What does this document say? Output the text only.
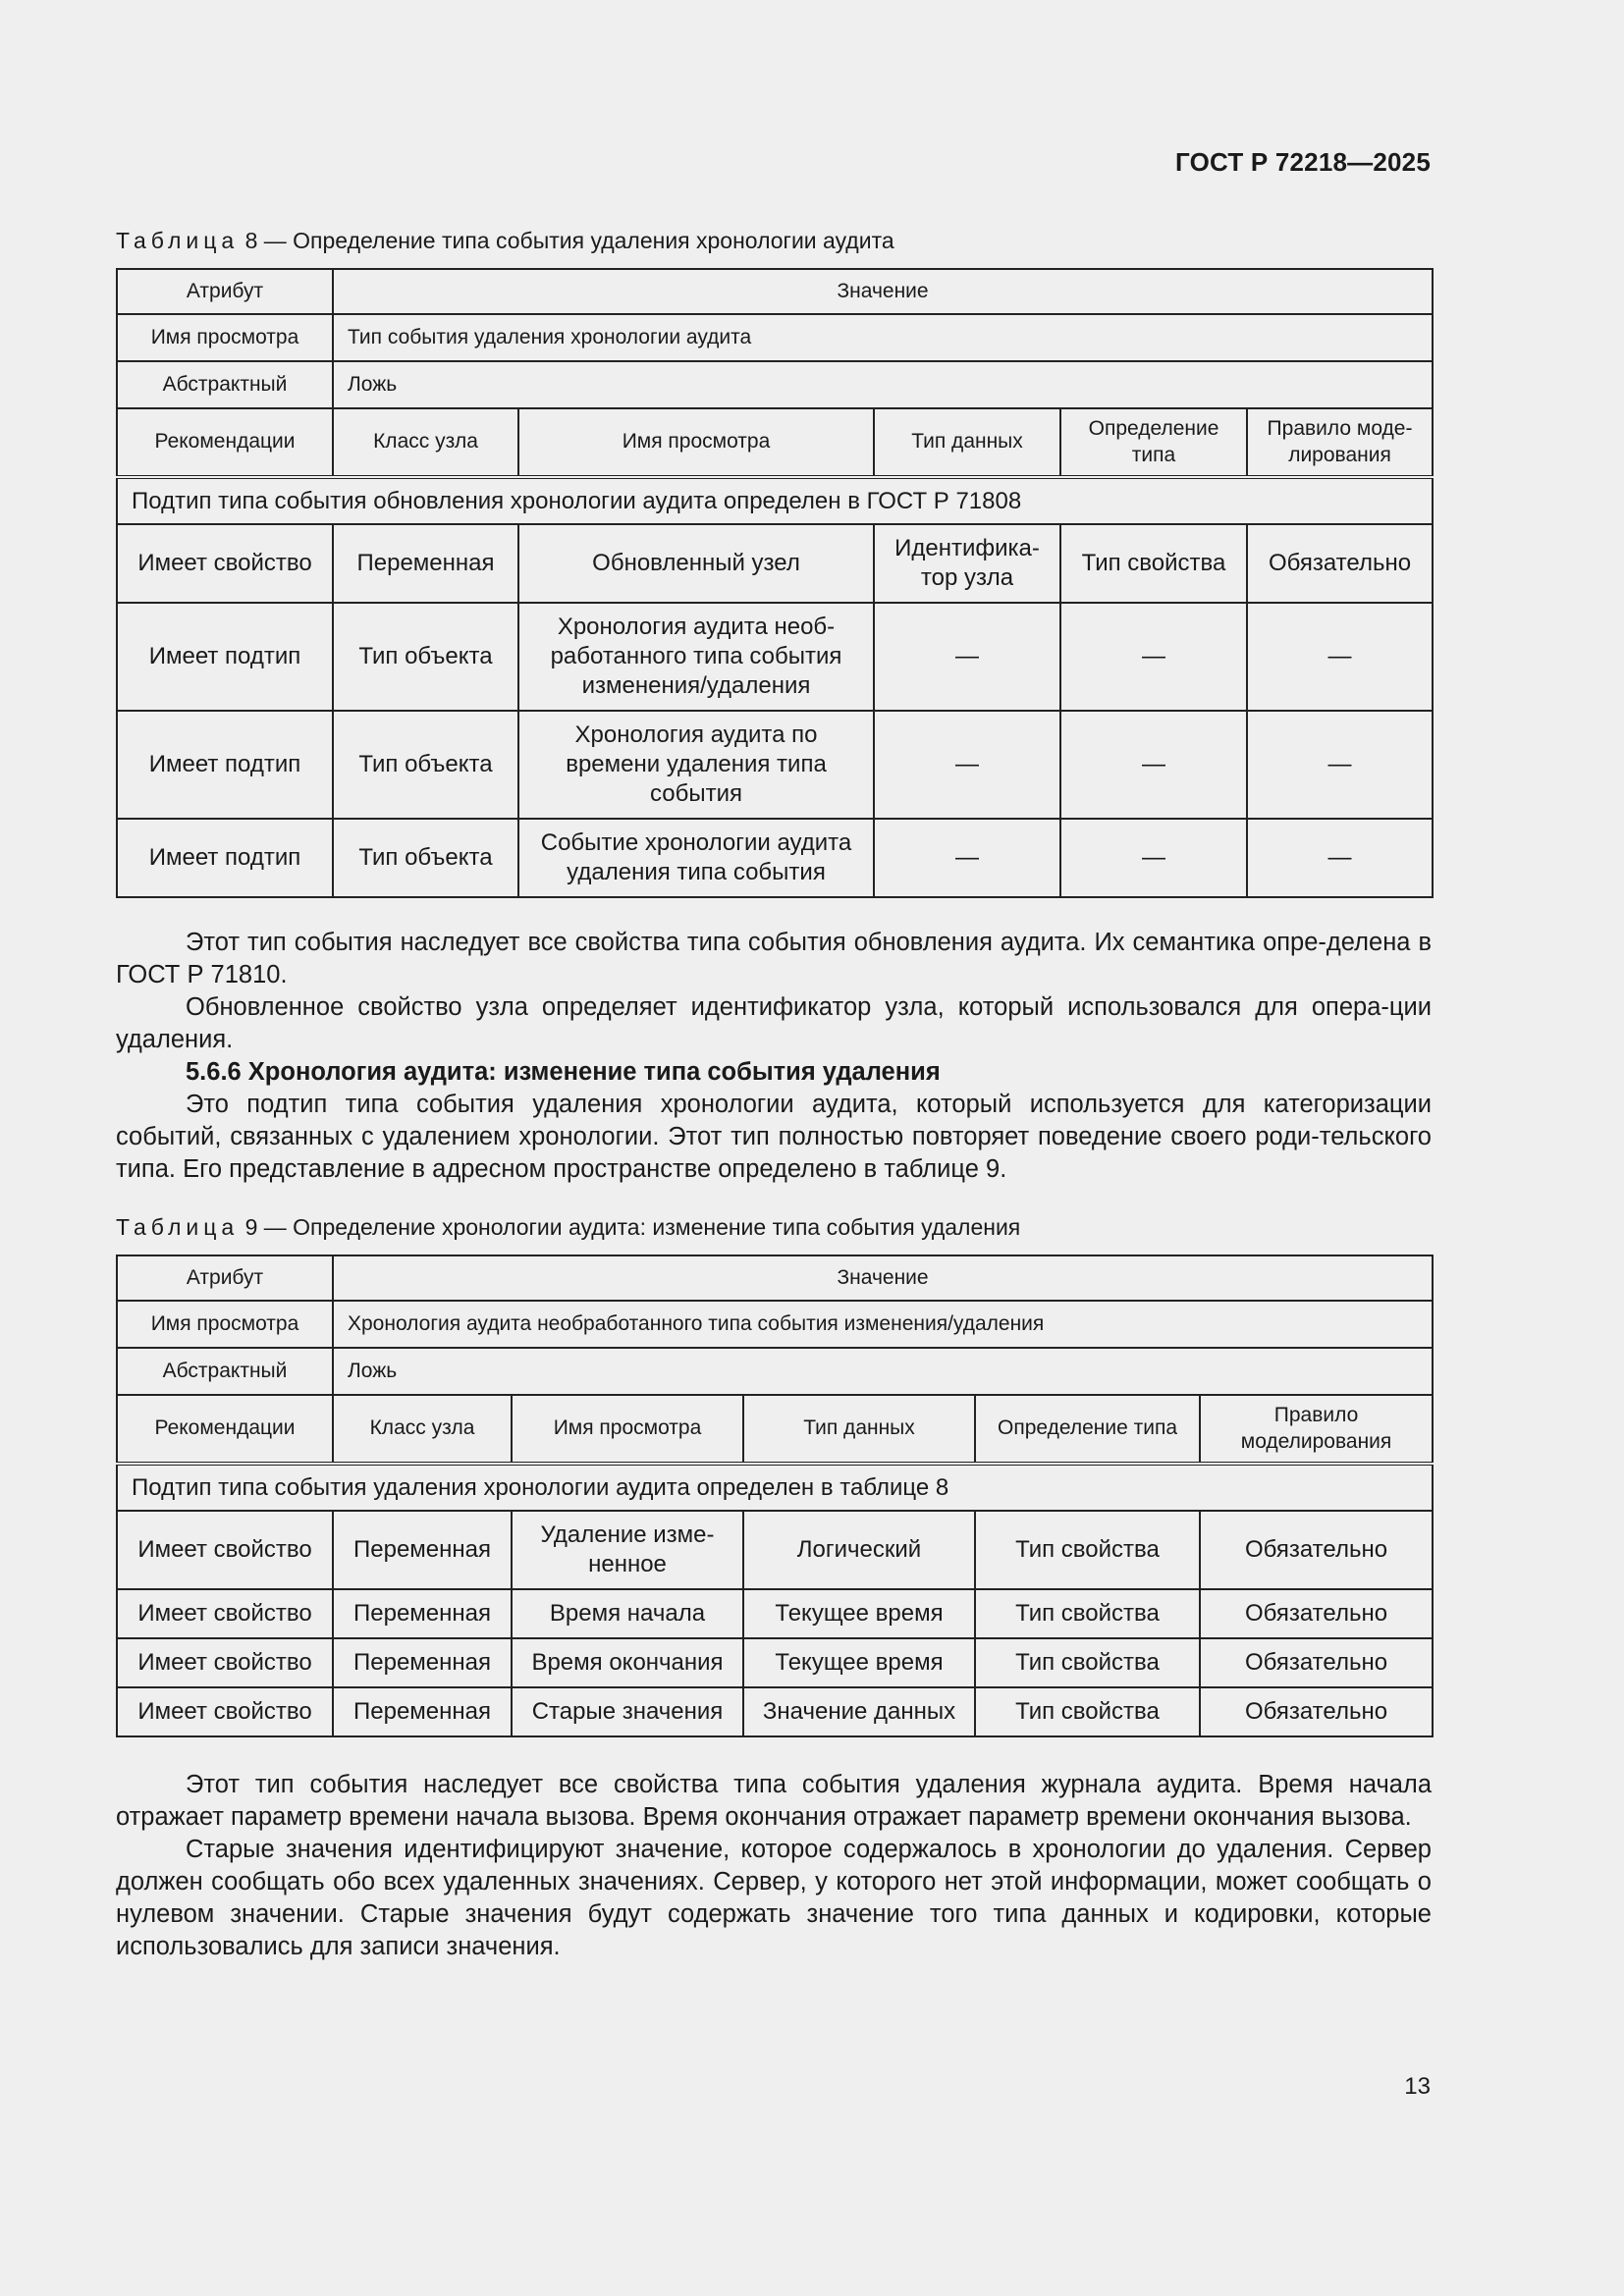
ГОСТ Р 72218—2025
Таблица 8 — Определение типа события удаления хронологии аудита
Атрибут	Значение				
Имя просмотра	Тип события удаления хронологии аудита				
Абстрактный	Ложь				
Рекомендации	Класс узла	Имя просмотра	Тип данных	Определение типа	Правило моде-лирования
Подтип типа события обновления хронологии аудита определен в ГОСТ Р 71808					
Имеет свойство	Переменная	Обновленный узел	Идентифика-тор узла	Тип свойства	Обязательно
Имеет подтип	Тип объекта	Хронология аудита необ-работанного типа события изменения/удаления	—	—	—
Имеет подтип	Тип объекта	Хронология аудита по времени удаления типа события	—	—	—
Имеет подтип	Тип объекта	Событие хронологии аудита удаления типа события	—	—	—

Этот тип события наследует все свойства типа события обновления аудита. Их семантика опре-делена в ГОСТ Р 71810.

Обновленное свойство узла определяет идентификатор узла, который использовался для опера-ции удаления.

5.6.6 Хронология аудита: изменение типа события удаления

Это подтип типа события удаления хронологии аудита, который используется для категоризации событий, связанных с удалением хронологии. Этот тип полностью повторяет поведение своего роди-тельского типа. Его представление в адресном пространстве определено в таблице 9.

Таблица 9 — Определение хронологии аудита: изменение типа события удаления
Атрибут	Значение				
Имя просмотра	Хронология аудита необработанного типа события изменения/удаления				
Абстрактный	Ложь				
Рекомендации	Класс узла	Имя просмотра	Тип данных	Определение типа	Правило моделирования
Подтип типа события удаления хронологии аудита определен в таблице 8					
Имеет свойство	Переменная	Удаление изме-ненное	Логический	Тип свойства	Обязательно
Имеет свойство	Переменная	Время начала	Текущее время	Тип свойства	Обязательно
Имеет свойство	Переменная	Время окончания	Текущее время	Тип свойства	Обязательно
Имеет свойство	Переменная	Старые значения	Значение данных	Тип свойства	Обязательно

Этот тип события наследует все свойства типа события удаления журнала аудита. Время начала отражает параметр времени начала вызова. Время окончания отражает параметр времени окончания вызова.

Старые значения идентифицируют значение, которое содержалось в хронологии до удаления. Сервер должен сообщать обо всех удаленных значениях. Сервер, у которого нет этой информации, может сообщать о нулевом значении. Старые значения будут содержать значение того типа данных и кодировки, которые использовались для записи значения.

13
